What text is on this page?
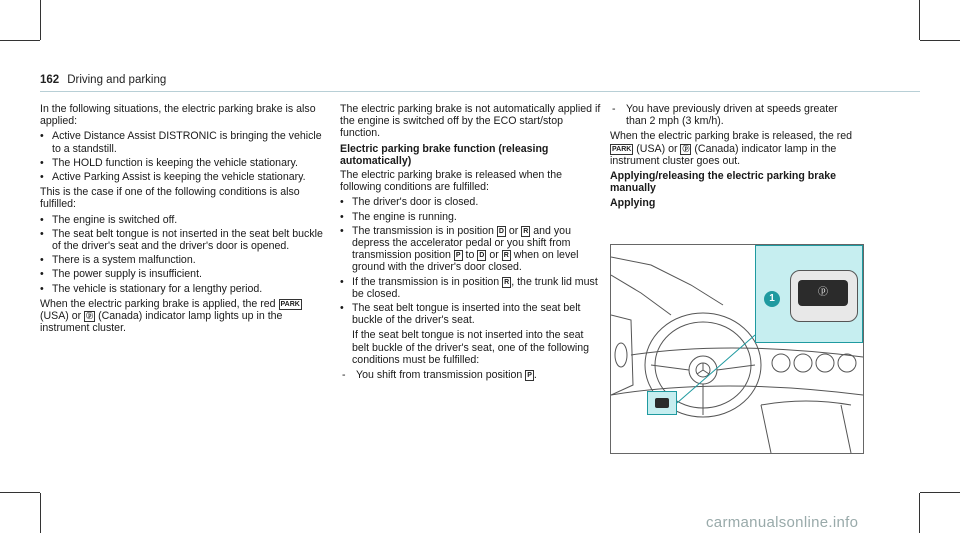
162 Driving and parking

In the following situations, the electric parking brake is also applied:

• Active Distance Assist DISTRONIC is bringing the vehicle to a standstill.
• The HOLD function is keeping the vehicle stationary.
• Active Parking Assist is keeping the vehicle stationary.

This is the case if one of the following conditions is also fulfilled:

• The engine is switched off.
• The seat belt tongue is not inserted in the seat belt buckle of the driver's seat and the driver's door is opened.
• There is a system malfunction.
• The power supply is insufficient.
• The vehicle is stationary for a lengthy period.

When the electric parking brake is applied, the red PARK (USA) or ⓟ (Canada) indicator lamp lights up in the instrument cluster.

The electric parking brake is not automatically applied if the engine is switched off by the ECO start/stop function.

Electric parking brake function (releasing automatically)

The electric parking brake is released when the following conditions are fulfilled:

• The driver's door is closed.
• The engine is running.
• The transmission is in position D or R and you depress the accelerator pedal or you shift from transmission position P to D or R when on level ground with the driver's door closed.
• If the transmission is in position R , the trunk lid must be closed.
• The seat belt tongue is inserted into the seat belt buckle of the driver's seat.
If the seat belt tongue is not inserted into the seat belt buckle of the driver's seat, one of the following conditions must be fulfilled:
- You shift from transmission position P .
- You have previously driven at speeds greater than 2 mph (3 km/h).

When the electric parking brake is released, the red PARK (USA) or ⓟ (Canada) indicator lamp in the instrument cluster goes out.

Applying/releasing the electric parking brake manually
Applying
ⓟ
1
carmanualsonline.info
